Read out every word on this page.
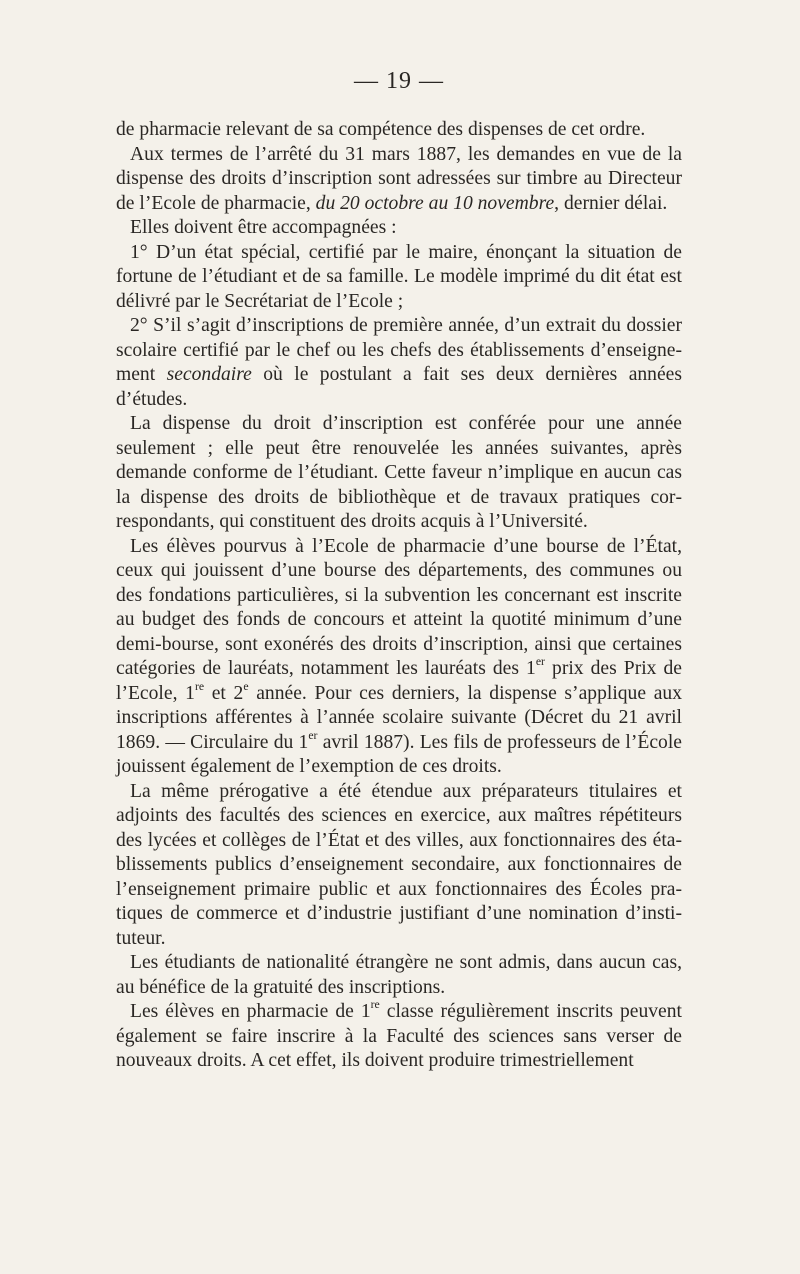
— 19 —

de pharmacie relevant de sa compétence des dispenses de cet ordre.

Aux termes de l’arrêté du 31 mars 1887, les demandes en vue de la dispense des droits d’inscription sont adressées sur timbre au Directeur de l’Ecole de pharmacie, du 20 octobre au 10 novembre, dernier délai.

Elles doivent être accompagnées :

1° D’un état spécial, certifié par le maire, énonçant la situation de fortune de l’étudiant et de sa famille. Le modèle imprimé du dit état est délivré par le Secrétariat de l’Ecole ;

2° S’il s’agit d’inscriptions de première année, d’un extrait du dossier scolaire certifié par le chef ou les chefs des établissements d’enseignement secondaire où le postulant a fait ses deux dernières années d’études.

La dispense du droit d’inscription est conférée pour une année seulement ; elle peut être renouvelée les années suivantes, après demande conforme de l’étudiant. Cette faveur n’implique en aucun cas la dispense des droits de bibliothèque et de travaux pratiques correspondants, qui constituent des droits acquis à l’Université.

Les élèves pourvus à l’Ecole de pharmacie d’une bourse de l’État, ceux qui jouissent d’une bourse des départements, des communes ou des fondations particulières, si la subvention les concernant est inscrite au budget des fonds de concours et atteint la quotité minimum d’une demi-bourse, sont exonérés des droits d’inscription, ainsi que certaines catégories de lauréats, notamment les lauréats des 1er prix des Prix de l’Ecole, 1re et 2e année. Pour ces derniers, la dispense s’applique aux inscriptions afférentes à l’année scolaire suivante (Décret du 21 avril 1869. — Circulaire du 1er avril 1887). Les fils de professeurs de l’École jouissent également de l’exemption de ces droits.

La même prérogative a été étendue aux préparateurs titulaires et adjoints des facultés des sciences en exercice, aux maîtres répétiteurs des lycées et collèges de l’État et des villes, aux fonctionnaires des établissements publics d’enseignement secondaire, aux fonctionnaires de l’enseignement primaire public et aux fonctionnaires des Écoles pratiques de commerce et d’industrie justifiant d’une nomination d’instituteur.

Les étudiants de nationalité étrangère ne sont admis, dans aucun cas, au bénéfice de la gratuité des inscriptions.

Les élèves en pharmacie de 1re classe régulièrement inscrits peuvent également se faire inscrire à la Faculté des sciences sans verser de nouveaux droits. A cet effet, ils doivent produire trimestriellement
